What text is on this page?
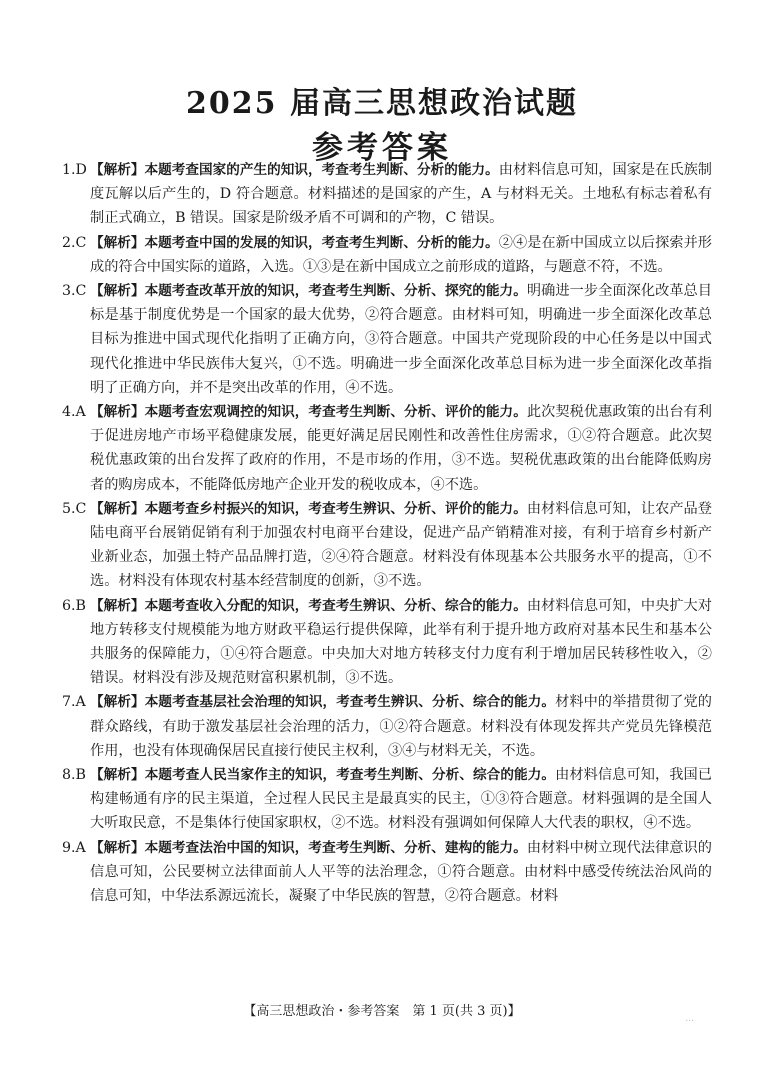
2025 届高三思想政治试题
参考答案
1.D 【解析】本题考查国家的产生的知识，考查考生判断、分析的能力。由材料信息可知，国家是在氏族制度瓦解以后产生的，D 符合题意。材料描述的是国家的产生，A 与材料无关。土地私有标志着私有制正式确立，B 错误。国家是阶级矛盾不可调和的产物，C 错误。
2.C 【解析】本题考查中国的发展的知识，考查考生判断、分析的能力。②④是在新中国成立以后探索并形成的符合中国实际的道路，入选。①③是在新中国成立之前形成的道路，与题意不符，不选。
3.C 【解析】本题考查改革开放的知识，考查考生判断、分析、探究的能力。明确进一步全面深化改革总目标是基于制度优势是一个国家的最大优势，②符合题意。由材料可知，明确进一步全面深化改革总目标为推进中国式现代化指明了正确方向，③符合题意。中国共产党现阶段的中心任务是以中国式现代化推进中华民族伟大复兴，①不选。明确进一步全面深化改革总目标为进一步全面深化改革指明了正确方向，并不是突出改革的作用，④不选。
4.A 【解析】本题考查宏观调控的知识，考查考生判断、分析、评价的能力。此次契税优惠政策的出台有利于促进房地产市场平稳健康发展，能更好满足居民刚性和改善性住房需求，①②符合题意。此次契税优惠政策的出台发挥了政府的作用，不是市场的作用，③不选。契税优惠政策的出台能降低购房者的购房成本，不能降低房地产企业开发的税收成本，④不选。
5.C 【解析】本题考查乡村振兴的知识，考查考生辨识、分析、评价的能力。由材料信息可知，让农产品登陆电商平台展销促销有利于加强农村电商平台建设，促进产品产销精准对接，有利于培育乡村新产业新业态，加强土特产品品牌打造，②④符合题意。材料没有体现基本公共服务水平的提高，①不选。材料没有体现农村基本经营制度的创新，③不选。
6.B 【解析】本题考查收入分配的知识，考查考生辨识、分析、综合的能力。由材料信息可知，中央扩大对地方转移支付规模能为地方财政平稳运行提供保障，此举有利于提升地方政府对基本民生和基本公共服务的保障能力，①④符合题意。中央加大对地方转移支付力度有利于增加居民转移性收入，②错误。材料没有涉及规范财富积累机制，③不选。
7.A 【解析】本题考查基层社会治理的知识，考查考生辨识、分析、综合的能力。材料中的举措贯彻了党的群众路线，有助于激发基层社会治理的活力，①②符合题意。材料没有体现发挥共产党员先锋模范作用，也没有体现确保居民直接行使民主权利，③④与材料无关，不选。
8.B 【解析】本题考查人民当家作主的知识，考查考生判断、分析、综合的能力。由材料信息可知，我国已构建畅通有序的民主渠道，全过程人民民主是最真实的民主，①③符合题意。材料强调的是全国人大听取民意，不是集体行使国家职权，②不选。材料没有强调如何保障人大代表的职权，④不选。
9.A 【解析】本题考查法治中国的知识，考查考生判断、分析、建构的能力。由材料中树立现代法律意识的信息可知，公民要树立法律面前人人平等的法治理念，①符合题意。由材料中感受传统法治风尚的信息可知，中华法系源远流长，凝聚了中华民族的智慧，②符合题意。材料
【高三思想政治・参考答案　第 1 页(共 3 页)】	...
